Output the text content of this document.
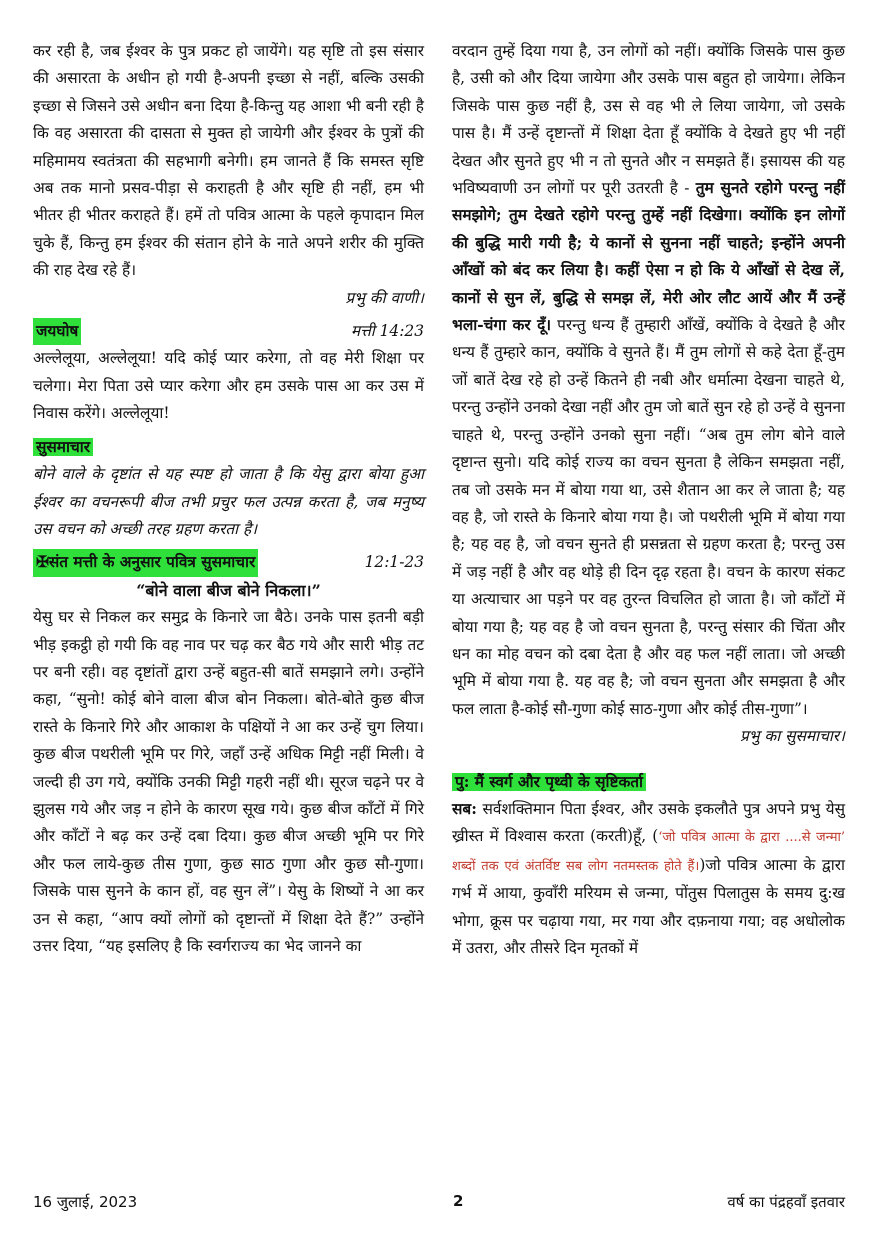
कर रही है, जब ईश्वर के पुत्र प्रकट हो जायेंगे। यह सृष्टि तो इस संसार की असारता के अधीन हो गयी है-अपनी इच्छा से नहीं, बल्कि उसकी इच्छा से जिसने उसे अधीन बना दिया है-किन्तु यह आशा भी बनी रही है कि वह असारता की दासता से मुक्त हो जायेगी और ईश्वर के पुत्रों की महिमामय स्वतंत्रता की सहभागी बनेगी। हम जानते हैं कि समस्त सृष्टि अब तक मानो प्रसव-पीड़ा से कराहती है और सृष्टि ही नहीं, हम भी भीतर ही भीतर कराहते हैं। हमें तो पवित्र आत्मा के पहले कृपादान मिल चुके हैं, किन्तु हम ईश्वर की संतान होने के नाते अपने शरीर की मुक्ति की राह देख रहे हैं।

प्रभु की वाणी।

जयघोष	मत्ती 14:23

अल्लेलूया, अल्लेलूया! यदि कोई प्यार करेगा, तो वह मेरी शिक्षा पर चलेगा। मेरा पिता उसे प्यार करेगा और हम उसके पास आ कर उस में निवास करेंगे। अल्लेलूया!

सुसमाचार

बोने वाले के दृष्टांत से यह स्पष्ट हो जाता है कि येसु द्वारा बोया हुआ ईश्वर का वचनरूपी बीज तभी प्रचुर फल उत्पन्न करता है, जब मनुष्य उस वचन को अच्छी तरह ग्रहण करता है।

✠संत मत्ती के अनुसार पवित्र सुसमाचार	12:1-23

“बोने वाला बीज बोने निकला।”

येसु घर से निकल कर समुद्र के किनारे जा बैठे। उनके पास इतनी बड़ी भीड़ इकट्ठी हो गयी कि वह नाव पर चढ़ कर बैठ गये और सारी भीड़ तट पर बनी रही। वह दृष्टांतों द्वारा उन्हें बहुत-सी बातें समझाने लगे। उन्होंने कहा, “सुनो! कोई बोने वाला बीज बोन निकला। बोते-बोते कुछ बीज रास्ते के किनारे गिरे और आकाश के पक्षियों ने आ कर उन्हें चुग लिया। कुछ बीज पथरीली भूमि पर गिरे, जहाँ उन्हें अधिक मिट्टी नहीं मिली। वे जल्दी ही उग गये, क्योंकि उनकी मिट्टी गहरी नहीं थी। सूरज चढ़ने पर वे झुलस गये और जड़ न होने के कारण सूख गये। कुछ बीज काँटों में गिरे और काँटों ने बढ़ कर उन्हें दबा दिया। कुछ बीज अच्छी भूमि पर गिरे और फल लाये-कुछ तीस गुणा, कुछ साठ गुणा और कुछ सौ-गुणा। जिसके पास सुनने के कान हों, वह सुन लें”। येसु के शिष्यों ने आ कर उन से कहा, “आप क्यों लोगों को दृष्टान्तों में शिक्षा देते हैं?” उन्होंने उत्तर दिया, “यह इसलिए है कि स्वर्गराज्य का भेद जानने का

वरदान तुम्हें दिया गया है, उन लोगों को नहीं। क्योंकि जिसके पास कुछ है, उसी को और दिया जायेगा और उसके पास बहुत हो जायेगा। लेकिन जिसके पास कुछ नहीं है, उस से वह भी ले लिया जायेगा, जो उसके पास है। मैं उन्हें दृष्टान्तों में शिक्षा देता हूँ क्योंकि वे देखते हुए भी नहीं देखत और सुनते हुए भी न तो सुनते और न समझते हैं। इसायस की यह भविष्यवाणी उन लोगों पर पूरी उतरती है - तुम सुनते रहोगे परन्तु नहीं समझोगे; तुम देखते रहोगे परन्तु तुम्हें नहीं दिखेगा। क्योंकि इन लोगों की बुद्धि मारी गयी है; ये कानों से सुनना नहीं चाहते; इन्होंने अपनी आँखों को बंद कर लिया है। कहीं ऐसा न हो कि ये आँखों से देख लें, कानों से सुन लें, बुद्धि से समझ लें, मेरी ओर लौट आयें और मैं उन्हें भला-चंगा कर दूँ। परन्तु धन्य हैं तुम्हारी आँखें, क्योंकि वे देखते है और धन्य हैं तुम्हारे कान, क्योंकि वे सुनते हैं। मैं तुम लोगों से कहे देता हूँ-तुम जों बातें देख रहे हो उन्हें कितने ही नबी और धर्मात्मा देखना चाहते थे, परन्तु उन्होंने उनको देखा नहीं और तुम जो बातें सुन रहे हो उन्हें वे सुनना चाहते थे, परन्तु उन्होंने उनको सुना नहीं। “अब तुम लोग बोने वाले दृष्टान्त सुनो। यदि कोई राज्य का वचन सुनता है लेकिन समझता नहीं, तब जो उसके मन में बोया गया था, उसे शैतान आ कर ले जाता है; यह वह है, जो रास्ते के किनारे बोया गया है। जो पथरीली भूमि में बोया गया है; यह वह है, जो वचन सुनते ही प्रसन्नता से ग्रहण करता है; परन्तु उस में जड़ नहीं है और वह थोड़े ही दिन दृढ़ रहता है। वचन के कारण संकट या अत्याचार आ पड़ने पर वह तुरन्त विचलित हो जाता है। जो काँटों में बोया गया है; यह वह है जो वचन सुनता है, परन्तु संसार की चिंता और धन का मोह वचन को दबा देता है और वह फल नहीं लाता। जो अच्छी भूमि में बोया गया है. यह वह है; जो वचन सुनता और समझता है और फल लाता है-कोई सौ-गुणा कोई साठ-गुणा और कोई तीस-गुणा”।

प्रभु का सुसमाचार।

पु: मैं स्वर्ग और पृथ्वी के सृष्टिकर्ता

सब: सर्वशक्तिमान पिता ईश्वर, और उसके इकलौते पुत्र अपने प्रभु येसु ख्रीस्त में विश्वास करता (करती)हूँ, (‘जो पवित्र आत्मा के द्वारा ....से जन्मा’ शब्दों तक एवं अंतर्विष्ट सब लोग नतमस्तक होते हैं।)जो पवित्र आत्मा के द्वारा गर्भ में आया, कुवाँरी मरियम से जन्मा, पोंतुस पिलातुस के समय दु:ख भोगा, क्रूस पर चढ़ाया गया, मर गया और दफ़नाया गया; वह अधोलोक में उतरा, और तीसरे दिन मृतकों में

16 जुलाई, 2023	2	वर्ष का पंद्रहवाँ इतवार
